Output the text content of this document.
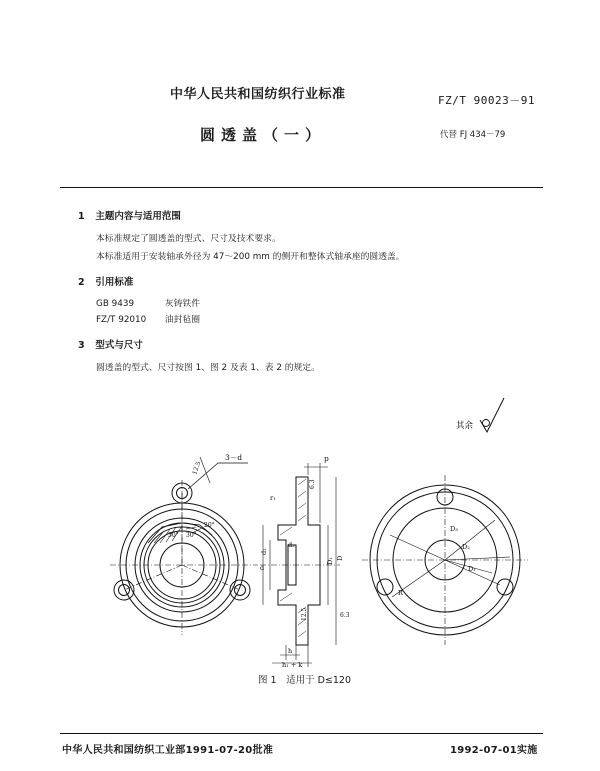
中华人民共和国纺织行业标准	FZ/T 90023－91
圆透盖（一）	代替 FJ 434－79
1 主题内容与适用范围
本标准规定了圆透盖的型式、尺寸及技术要求。
本标准适用于安装轴承外径为 47～200 mm 的侧开和整体式轴承座的圆透盖。
2 引用标准
GB 9439	灰铸铁件
FZ/T 92010 油封毡圈
3 型式与尺寸
圆透盖的型式、尺寸按图 1、图 2 及表 1、表 2 的规定。
其余
3－d
12.5
30° 30°
20°
p
6.3
r₁
d₂
d₁
d
D₁ D
6.3
12.5
h
h₁ + k
D₃
D₂
D₁
R
图 1　适用于 D≤120
中华人民共和国纺织工业部1991-07-20批准	1992-07-01实施
